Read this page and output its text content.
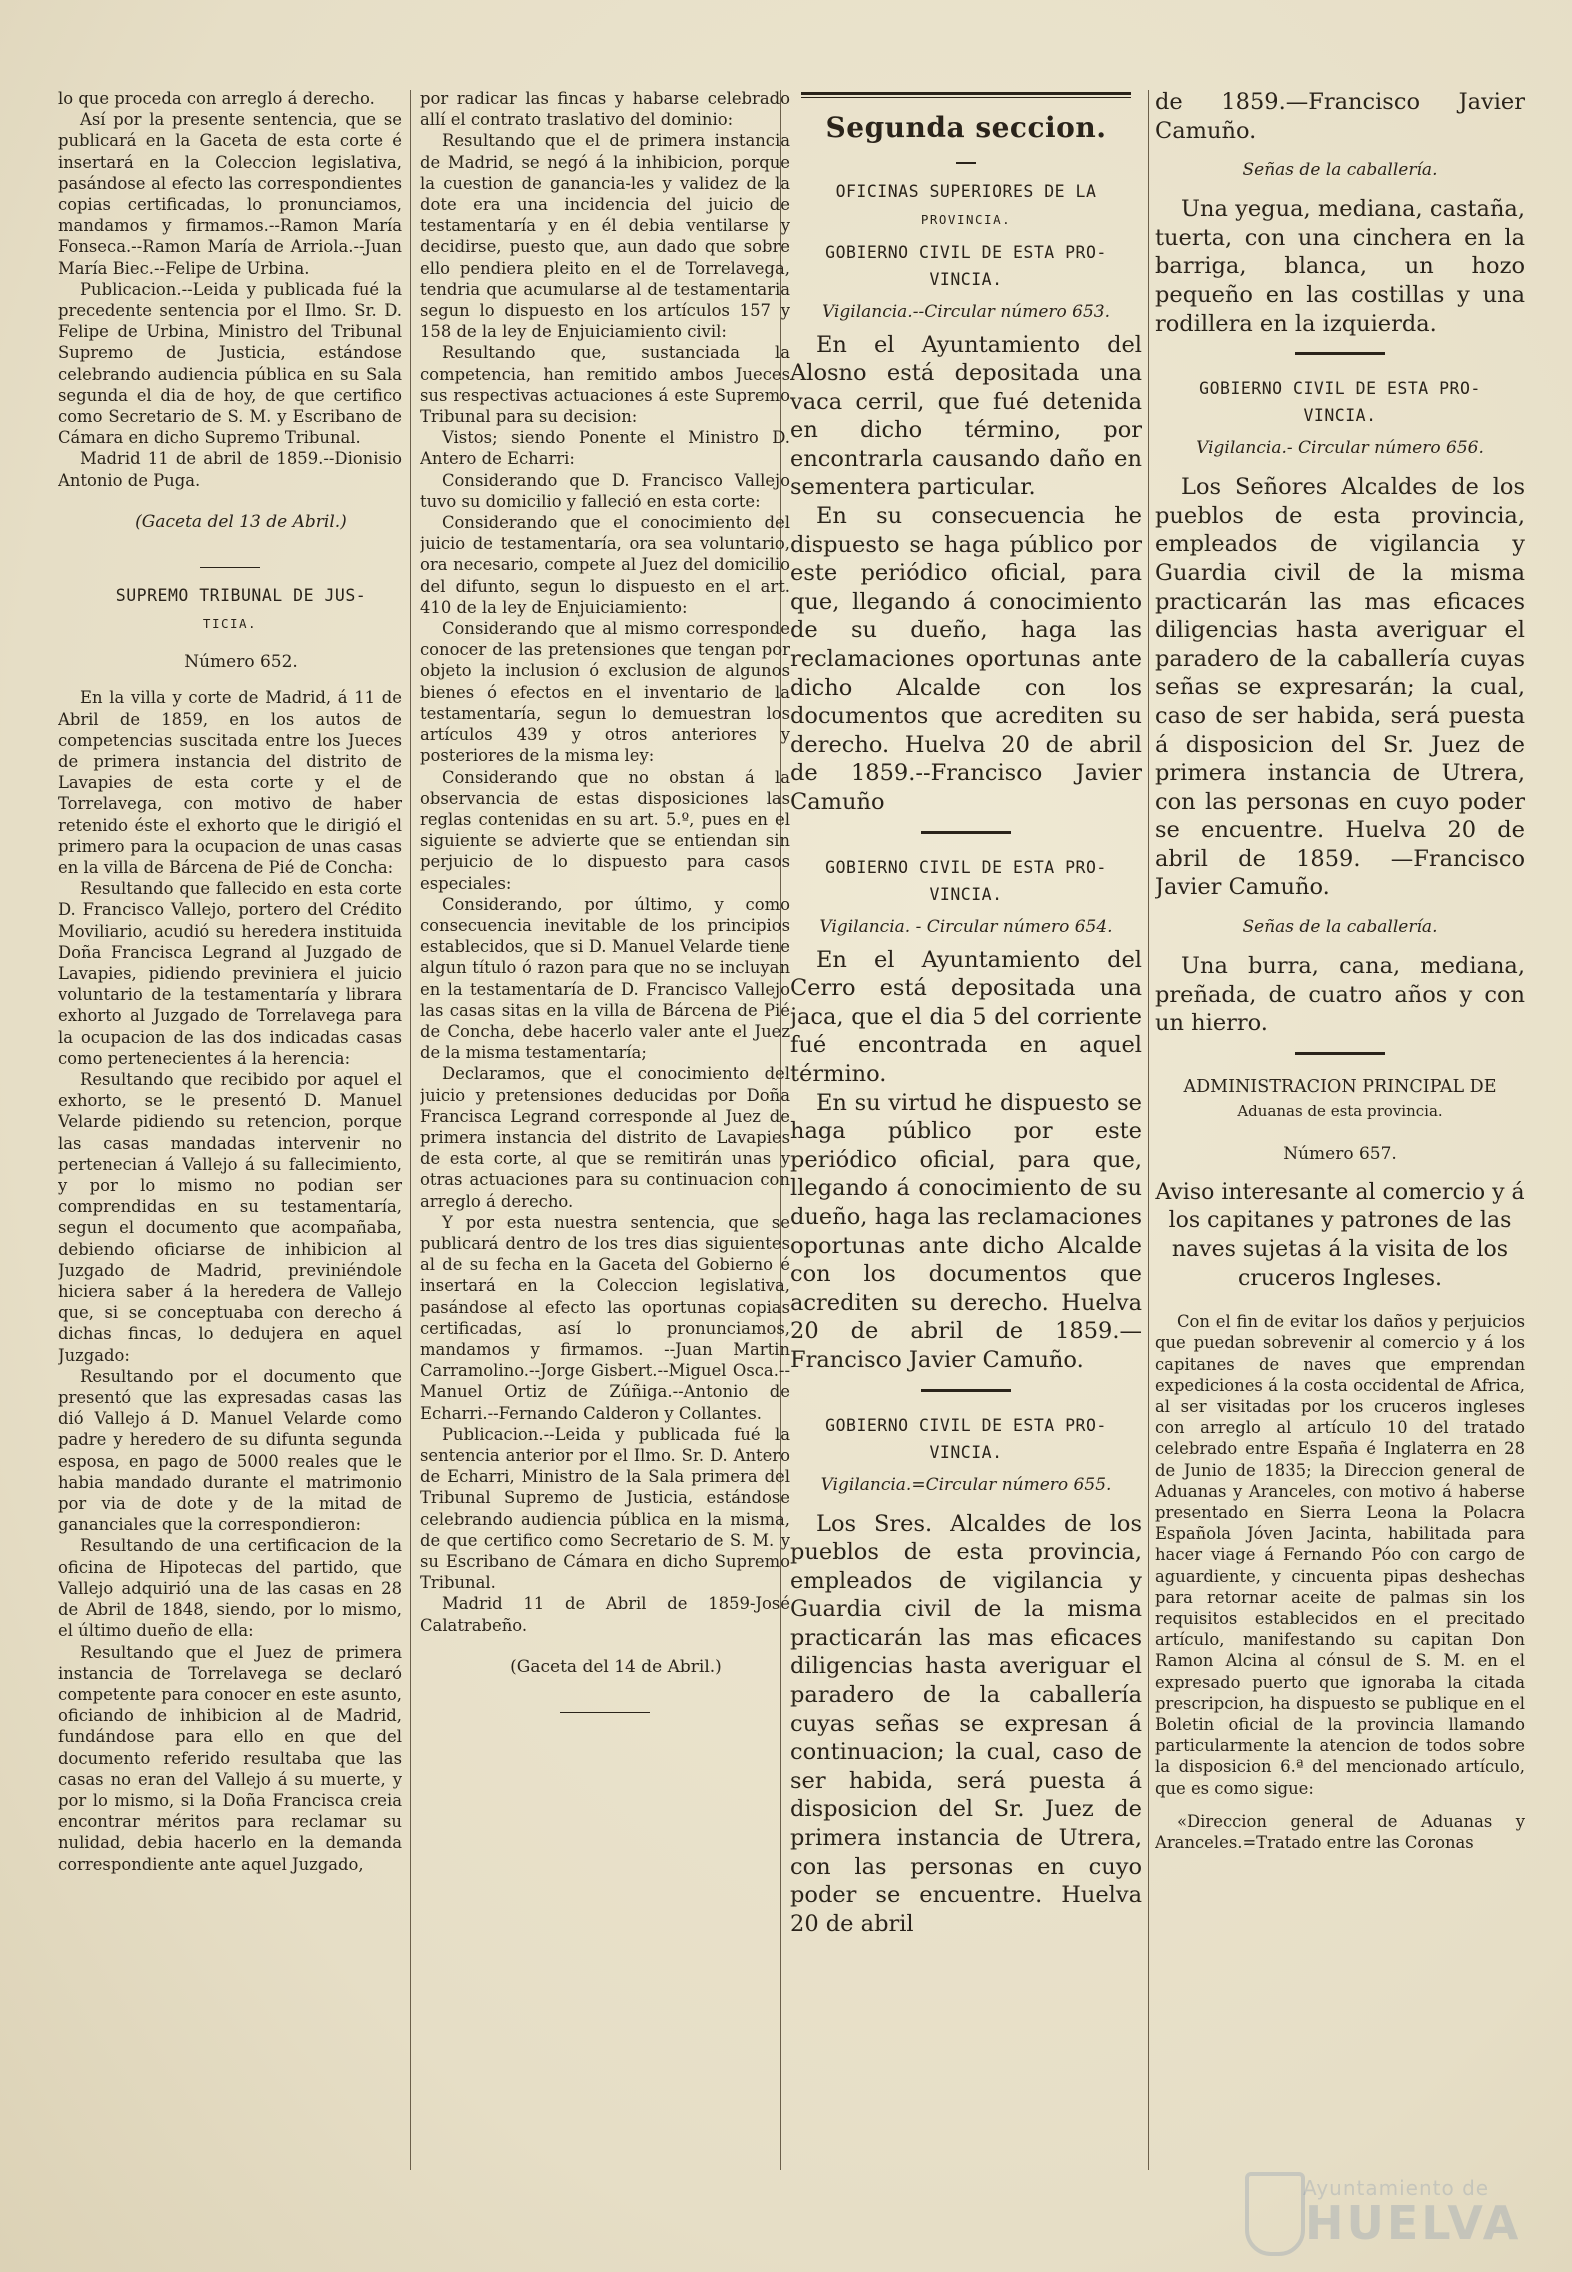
lo que proceda con arreglo á derecho.

Así por la presente sentencia, que se publicará en la Gaceta de esta corte é insertará en la Coleccion legislativa, pasándose al efecto las correspondientes copias certificadas, lo pronunciamos, mandamos y firmamos.--Ramon María Fonseca.--Ramon María de Arriola.--Juan María Biec.--Felipe de Urbina.

Publicacion.--Leida y publicada fué la precedente sentencia por el Ilmo. Sr. D. Felipe de Urbina, Ministro del Tribunal Supremo de Justicia, estándose celebrando audiencia pública en su Sala segunda el dia de hoy, de que certifico como Secretario de S. M. y Escribano de Cámara en dicho Supremo Tribunal.

Madrid 11 de abril de 1859.--Dionisio Antonio de Puga.

(Gaceta del 13 de Abril.)

SUPREMO TRIBUNAL DE JUS-
TICIA.

Número 652.

En la villa y corte de Madrid, á 11 de Abril de 1859, en los autos de competencias suscitada entre los Jueces de primera instancia del distrito de Lavapies de esta corte y el de Torrelavega, con motivo de haber retenido éste el exhorto que le dirigió el primero para la ocupacion de unas casas en la villa de Bárcena de Pié de Concha:

Resultando que fallecido en esta corte D. Francisco Vallejo, portero del Crédito Moviliario, acudió su heredera instituida Doña Francisca Legrand al Juzgado de Lavapies, pidiendo previniera el juicio voluntario de la testamentaría y librara exhorto al Juzgado de Torrelavega para la ocupacion de las dos indicadas casas como pertenecientes á la herencia:

Resultando que recibido por aquel el exhorto, se le presentó D. Manuel Velarde pidiendo su retencion, porque las casas mandadas intervenir no pertenecian á Vallejo á su fallecimiento, y por lo mismo no podian ser comprendidas en su testamentaría, segun el documento que acompañaba, debiendo oficiarse de inhibicion al Juzgado de Madrid, previniéndole hiciera saber á la heredera de Vallejo que, si se conceptuaba con derecho á dichas fincas, lo dedujera en aquel Juzgado:

Resultando por el documento que presentó que las expresadas casas las dió Vallejo á D. Manuel Velarde como padre y heredero de su difunta segunda esposa, en pago de 5000 reales que le habia mandado durante el matrimonio por via de dote y de la mitad de gananciales que la correspondieron:

Resultando de una certificacion de la oficina de Hipotecas del partido, que Vallejo adquirió una de las casas en 28 de Abril de 1848, siendo, por lo mismo, el último dueño de ella:

Resultando que el Juez de primera instancia de Torrelavega se declaró competente para conocer en este asunto, oficiando de inhibicion al de Madrid, fundándose para ello en que del documento referido resultaba que las casas no eran del Vallejo á su muerte, y por lo mismo, si la Doña Francisca creia encontrar méritos para reclamar su nulidad, debia hacerlo en la demanda correspondiente ante aquel Juzgado,

por radicar las fincas y habarse celebrado allí el contrato traslativo del dominio:

Resultando que el de primera instancia de Madrid, se negó á la inhibicion, porque la cuestion de ganancia-les y validez de la dote era una incidencia del juicio de testamentaría y en él debia ventilarse y decidirse, puesto que, aun dado que sobre ello pendiera pleito en el de Torrelavega, tendria que acumularse al de testamentaria segun lo dispuesto en los artículos 157 y 158 de la ley de Enjuiciamiento civil:

Resultando que, sustanciada la competencia, han remitido ambos Jueces sus respectivas actuaciones á este Supremo Tribunal para su decision:

Vistos; siendo Ponente el Ministro D. Antero de Echarri:

Considerando que D. Francisco Vallejo tuvo su domicilio y falleció en esta corte:

Considerando que el conocimiento del juicio de testamentaría, ora sea voluntario, ora necesario, compete al Juez del domicilio del difunto, segun lo dispuesto en el art. 410 de la ley de Enjuiciamiento:

Considerando que al mismo corresponde conocer de las pretensiones que tengan por objeto la inclusion ó exclusion de algunos bienes ó efectos en el inventario de la testamentaría, segun lo demuestran los artículos 439 y otros anteriores y posteriores de la misma ley:

Considerando que no obstan á la observancia de estas disposiciones las reglas contenidas en su art. 5.º, pues en el siguiente se advierte que se entiendan sin perjuicio de lo dispuesto para casos especiales:

Considerando, por último, y como consecuencia inevitable de los principios establecidos, que si D. Manuel Velarde tiene algun título ó razon para que no se incluyan en la testamentaría de D. Francisco Vallejo las casas sitas en la villa de Bárcena de Pié de Concha, debe hacerlo valer ante el Juez de la misma testamentaría;

Declaramos, que el conocimiento del juicio y pretensiones deducidas por Doña Francisca Legrand corresponde al Juez de primera instancia del distrito de Lavapies de esta corte, al que se remitirán unas y otras actuaciones para su continuacion con arreglo á derecho.

Y por esta nuestra sentencia, que se publicará dentro de los tres dias siguientes al de su fecha en la Gaceta del Gobierno é insertará en la Coleccion legislativa, pasándose al efecto las oportunas copias certificadas, así lo pronunciamos, mandamos y firmamos. --Juan Martin Carramolino.--Jorge Gisbert.--Miguel Osca.--Manuel Ortiz de Zúñiga.--Antonio de Echarri.--Fernando Calderon y Collantes.

Publicacion.--Leida y publicada fué la sentencia anterior por el Ilmo. Sr. D. Antero de Echarri, Ministro de la Sala primera del Tribunal Supremo de Justicia, estándose celebrando audiencia pública en la misma, de que certifico como Secretario de S. M. y su Escribano de Cámara en dicho Supremo Tribunal.

Madrid 11 de Abril de 1859-José Calatrabeño.

(Gaceta del 14 de Abril.)

Segunda seccion.

OFICINAS SUPERIORES DE LA
PROVINCIA.

GOBIERNO CIVIL DE ESTA PRO-
VINCIA.

Vigilancia.--Circular número 653.

En el Ayuntamiento del Alosno está depositada una vaca cerril, que fué detenida en dicho término, por encontrarla causando daño en sementera particular.

En su consecuencia he dispuesto se haga público por este periódico oficial, para que, llegando á conocimiento de su dueño, haga las reclamaciones oportunas ante dicho Alcalde con los documentos que acrediten su derecho. Huelva 20 de abril de 1859.--Francisco Javier Camuño

GOBIERNO CIVIL DE ESTA PRO-
VINCIA.

Vigilancia. - Circular número 654.

En el Ayuntamiento del Cerro está depositada una jaca, que el dia 5 del corriente fué encontrada en aquel término.

En su virtud he dispuesto se haga público por este periódico oficial, para que, llegando á conocimiento de su dueño, haga las reclamaciones oportunas ante dicho Alcalde con los documentos que acrediten su derecho. Huelva 20 de abril de 1859.—Francisco Javier Camuño.

GOBIERNO CIVIL DE ESTA PRO-
VINCIA.

Vigilancia.=Circular número 655.

Los Sres. Alcaldes de los pueblos de esta provincia, empleados de vigilancia y Guardia civil de la misma practicarán las mas eficaces diligencias hasta averiguar el paradero de la caballería cuyas señas se expresan á continuacion; la cual, caso de ser habida, será puesta á disposicion del Sr. Juez de primera instancia de Utrera, con las personas en cuyo poder se encuentre. Huelva 20 de abril

de 1859.—Francisco Javier Camuño.

Señas de la caballería.

Una yegua, mediana, castaña, tuerta, con una cinchera en la barriga, blanca, un hozo pequeño en las costillas y una rodillera en la izquierda.

GOBIERNO CIVIL DE ESTA PRO-
VINCIA.

Vigilancia.- Circular número 656.

Los Señores Alcaldes de los pueblos de esta provincia, empleados de vigilancia y Guardia civil de la misma practicarán las mas eficaces diligencias hasta averiguar el paradero de la caballería cuyas señas se expresarán; la cual, caso de ser habida, será puesta á disposicion del Sr. Juez de primera instancia de Utrera, con las personas en cuyo poder se encuentre. Huelva 20 de abril de 1859. —Francisco Javier Camuño.

Señas de la caballería.

Una burra, cana, mediana, preñada, de cuatro años y con un hierro.

ADMINISTRACION PRINCIPAL DE
Aduanas de esta provincia.

Número 657.

Aviso interesante al comercio y á los capitanes y patrones de las naves sujetas á la visita de los cruceros Ingleses.

Con el fin de evitar los daños y perjuicios que puedan sobrevenir al comercio y á los capitanes de naves que emprendan expediciones á la costa occidental de Africa, al ser visitadas por los cruceros ingleses con arreglo al artículo 10 del tratado celebrado entre España é Inglaterra en 28 de Junio de 1835; la Direccion general de Aduanas y Aranceles, con motivo á haberse presentado en Sierra Leona la Polacra Española Jóven Jacinta, habilitada para hacer viage á Fernando Póo con cargo de aguardiente, y cincuenta pipas deshechas para retornar aceite de palmas sin los requisitos establecidos en el precitado artículo, manifestando su capitan Don Ramon Alcina al cónsul de S. M. en el expresado puerto que ignoraba la citada prescripcion, ha dispuesto se publique en el Boletin oficial de la provincia llamando particularmente la atencion de todos sobre la disposicion 6.ª del mencionado artículo, que es como sigue:

«Direccion general de Aduanas y Aranceles.=Tratado entre las Coronas

Ayuntamiento de
HUELVA
